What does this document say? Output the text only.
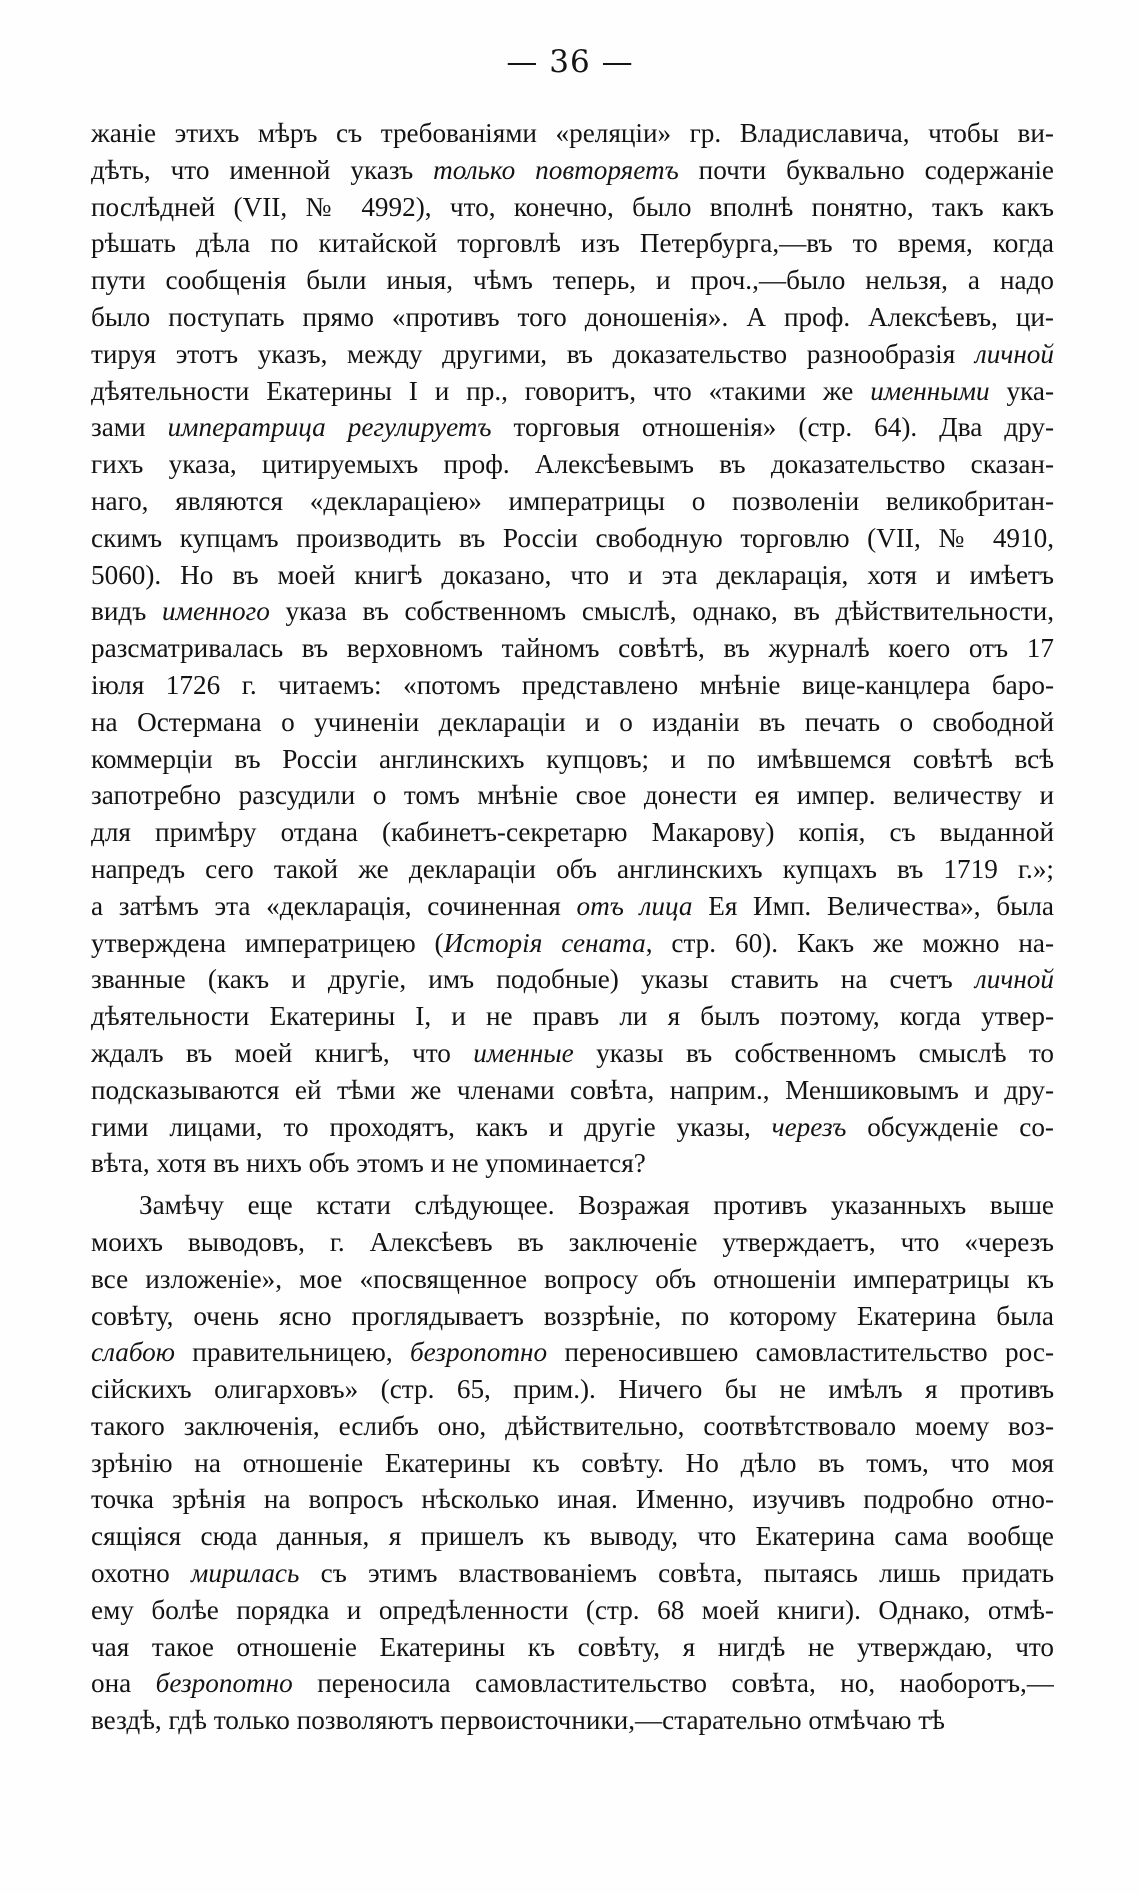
— 36 —
жаніе этихъ мѣръ съ требованіями «реляціи» гр. Владиславича, чтобы ви-
дѣть, что именной указъ только повторяетъ почти буквально содержаніе
послѣдней (VII, № 4992), что, конечно, было вполнѣ понятно, такъ какъ
рѣшать дѣла по китайской торговлѣ изъ Петербурга,—въ то время, когда
пути сообщенія были иныя, чѣмъ теперь, и проч.,—было нельзя, а надо
было поступать прямо «противъ того доношенія». А проф. Алексѣевъ, ци-
тируя этотъ указъ, между другими, въ доказательство разнообразія личной
дѣятельности Екатерины I и пр., говоритъ, что «такими же именными ука-
зами императрица регулируетъ торговыя отношенія» (стр. 64). Два дру-
гихъ указа, цитируемыхъ проф. Алексѣевымъ въ доказательство сказан-
наго, являются «деклараціею» императрицы о позволеніи великобритан-
скимъ купцамъ производить въ Россіи свободную торговлю (VII, № 4910,
5060). Но въ моей книгѣ доказано, что и эта декларація, хотя и имѣетъ
видъ именного указа въ собственномъ смыслѣ, однако, въ дѣйствительности,
разсматривалась въ верховномъ тайномъ совѣтѣ, въ журналѣ коего отъ 17
іюля 1726 г. читаемъ: «потомъ представлено мнѣніе вице-канцлера баро-
на Остермана о учиненіи деклараціи и о изданіи въ печать о свободной
коммерціи въ Россіи англинскихъ купцовъ; и по имѣвшемся совѣтѣ всѣ
запотребно разсудили о томъ мнѣніе свое донести ея импер. величеству и
для примѣру отдана (кабинетъ-секретарю Макарову) копія, съ выданной
напредъ сего такой же деклараціи объ англинскихъ купцахъ въ 1719 г.»;
а затѣмъ эта «декларація, сочиненная отъ лица Ея Имп. Величества», была
утверждена императрицею (Исторія сената, стр. 60). Какъ же можно на-
званные (какъ и другіе, имъ подобные) указы ставить на счетъ личной
дѣятельности Екатерины I, и не правъ ли я былъ поэтому, когда утвер-
ждалъ въ моей книгѣ, что именные указы въ собственномъ смыслѣ то
подсказываются ей тѣми же членами совѣта, наприм., Меншиковымъ и дру-
гими лицами, то проходятъ, какъ и другіе указы, черезъ обсужденіе со-
вѣта, хотя въ нихъ объ этомъ и не упоминается?
Замѣчу еще кстати слѣдующее. Возражая противъ указанныхъ выше
моихъ выводовъ, г. Алексѣевъ въ заключеніе утверждаетъ, что «черезъ
все изложеніе», мое «посвященное вопросу объ отношеніи императрицы къ
совѣту, очень ясно проглядываетъ воззрѣніе, по которому Екатерина была
слабою правительницею, безропотно переносившею самовластительство рос-
сійскихъ олигарховъ» (стр. 65, прим.). Ничего бы не имѣлъ я противъ
такого заключенія, еслибъ оно, дѣйствительно, соотвѣтствовало моему воз-
зрѣнію на отношеніе Екатерины къ совѣту. Но дѣло въ томъ, что моя
точка зрѣнія на вопросъ нѣсколько иная. Именно, изучивъ подробно отно-
сящіяся сюда данныя, я пришелъ къ выводу, что Екатерина сама вообще
охотно мирилась съ этимъ властвованіемъ совѣта, пытаясь лишь придать
ему болѣе порядка и опредѣленности (стр. 68 моей книги). Однако, отмѣ-
чая такое отношеніе Екатерины къ совѣту, я нигдѣ не утверждаю, что
она безропотно переносила самовластительство совѣта, но, наоборотъ,—
вездѣ, гдѣ только позволяютъ первоисточники,—старательно отмѣчаю тѣ
